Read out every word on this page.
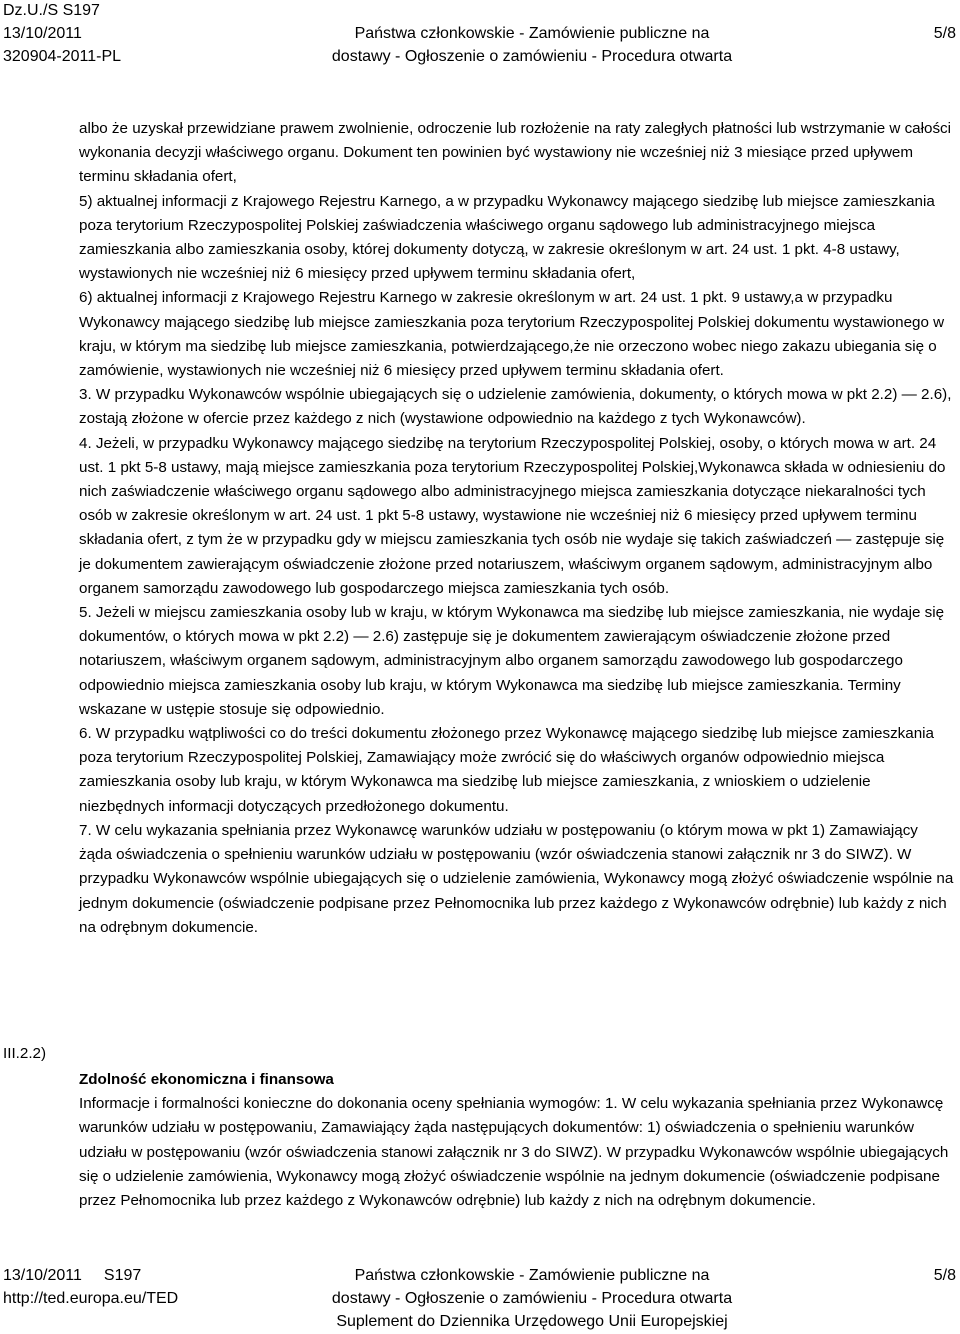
Dz.U./S S197
13/10/2011
320904-2011-PL
Państwa członkowskie - Zamówienie publiczne na
dostawy - Ogłoszenie o zamówieniu - Procedura otwarta
5/8

albo że uzyskał przewidziane prawem zwolnienie, odroczenie lub rozłożenie na raty zaległych płatności lub wstrzymanie w całości wykonania decyzji właściwego organu. Dokument ten powinien być wystawiony nie wcześniej niż 3 miesiące przed upływem terminu składania ofert,

5) aktualnej informacji z Krajowego Rejestru Karnego, a w przypadku Wykonawcy mającego siedzibę lub miejsce zamieszkania poza terytorium Rzeczypospolitej Polskiej zaświadczenia właściwego organu sądowego lub administracyjnego miejsca zamieszkania albo zamieszkania osoby, której dokumenty dotyczą, w zakresie określonym w art. 24 ust. 1 pkt. 4-8 ustawy, wystawionych nie wcześniej niż 6 miesięcy przed upływem terminu składania ofert,

6) aktualnej informacji z Krajowego Rejestru Karnego w zakresie określonym w art. 24 ust. 1 pkt. 9 ustawy,a w przypadku Wykonawcy mającego siedzibę lub miejsce zamieszkania poza terytorium Rzeczypospolitej Polskiej dokumentu wystawionego w kraju, w którym ma siedzibę lub miejsce zamieszkania, potwierdzającego,że nie orzeczono wobec niego zakazu ubiegania się o zamówienie, wystawionych nie wcześniej niż 6 miesięcy przed upływem terminu składania ofert.

3. W przypadku Wykonawców wspólnie ubiegających się o udzielenie zamówienia, dokumenty, o których mowa w pkt 2.2) — 2.6), zostają złożone w ofercie przez każdego z nich (wystawione odpowiednio na każdego z tych Wykonawców).

4. Jeżeli, w przypadku Wykonawcy mającego siedzibę na terytorium Rzeczypospolitej Polskiej, osoby, o których mowa w art. 24 ust. 1 pkt 5-8 ustawy, mają miejsce zamieszkania poza terytorium Rzeczypospolitej Polskiej,Wykonawca składa w odniesieniu do nich zaświadczenie właściwego organu sądowego albo administracyjnego miejsca zamieszkania dotyczące niekaralności tych osób w zakresie określonym w art. 24 ust. 1 pkt 5-8 ustawy, wystawione nie wcześniej niż 6 miesięcy przed upływem terminu składania ofert, z tym że w przypadku gdy w miejscu zamieszkania tych osób nie wydaje się takich zaświadczeń — zastępuje się je dokumentem zawierającym oświadczenie złożone przed notariuszem, właściwym organem sądowym, administracyjnym albo organem samorządu zawodowego lub gospodarczego miejsca zamieszkania tych osób.

5. Jeżeli w miejscu zamieszkania osoby lub w kraju, w którym Wykonawca ma siedzibę lub miejsce zamieszkania, nie wydaje się dokumentów, o których mowa w pkt 2.2) — 2.6) zastępuje się je dokumentem zawierającym oświadczenie złożone przed notariuszem, właściwym organem sądowym, administracyjnym albo organem samorządu zawodowego lub gospodarczego odpowiednio miejsca zamieszkania osoby lub kraju, w którym Wykonawca ma siedzibę lub miejsce zamieszkania. Terminy wskazane w ustępie stosuje się odpowiednio.

6. W przypadku wątpliwości co do treści dokumentu złożonego przez Wykonawcę mającego siedzibę lub miejsce zamieszkania poza terytorium Rzeczypospolitej Polskiej, Zamawiający może zwrócić się do właściwych organów odpowiednio miejsca zamieszkania osoby lub kraju, w którym Wykonawca ma siedzibę lub miejsce zamieszkania, z wnioskiem o udzielenie niezbędnych informacji dotyczących przedłożonego dokumentu.

7. W celu wykazania spełniania przez Wykonawcę warunków udziału w postępowaniu (o którym mowa w pkt 1) Zamawiający żąda oświadczenia o spełnieniu warunków udziału w postępowaniu (wzór oświadczenia stanowi załącznik nr 3 do SIWZ). W przypadku Wykonawców wspólnie ubiegających się o udzielenie zamówienia, Wykonawcy mogą złożyć oświadczenie wspólnie na jednym dokumencie (oświadczenie podpisane przez Pełnomocnika lub przez każdego z Wykonawców odrębnie) lub każdy z nich na odrębnym dokumencie.

III.2.2)

Zdolność ekonomiczna i finansowa

Informacje i formalności konieczne do dokonania oceny spełniania wymogów: 1. W celu wykazania spełniania przez Wykonawcę warunków udziału w postępowaniu, Zamawiający żąda następujących dokumentów: 1) oświadczenia o spełnieniu warunków udziału w postępowaniu (wzór oświadczenia stanowi załącznik nr 3 do SIWZ). W przypadku Wykonawców wspólnie ubiegających się o udzielenie zamówienia, Wykonawcy mogą złożyć oświadczenie wspólnie na jednym dokumencie (oświadczenie podpisane przez Pełnomocnika lub przez każdego z Wykonawców odrębnie) lub każdy z nich na odrębnym dokumencie.

13/10/2011 S197
http://ted.europa.eu/TED
Państwa członkowskie - Zamówienie publiczne na
dostawy - Ogłoszenie o zamówieniu - Procedura otwarta
Suplement do Dziennika Urzędowego Unii Europejskiej
5/8
